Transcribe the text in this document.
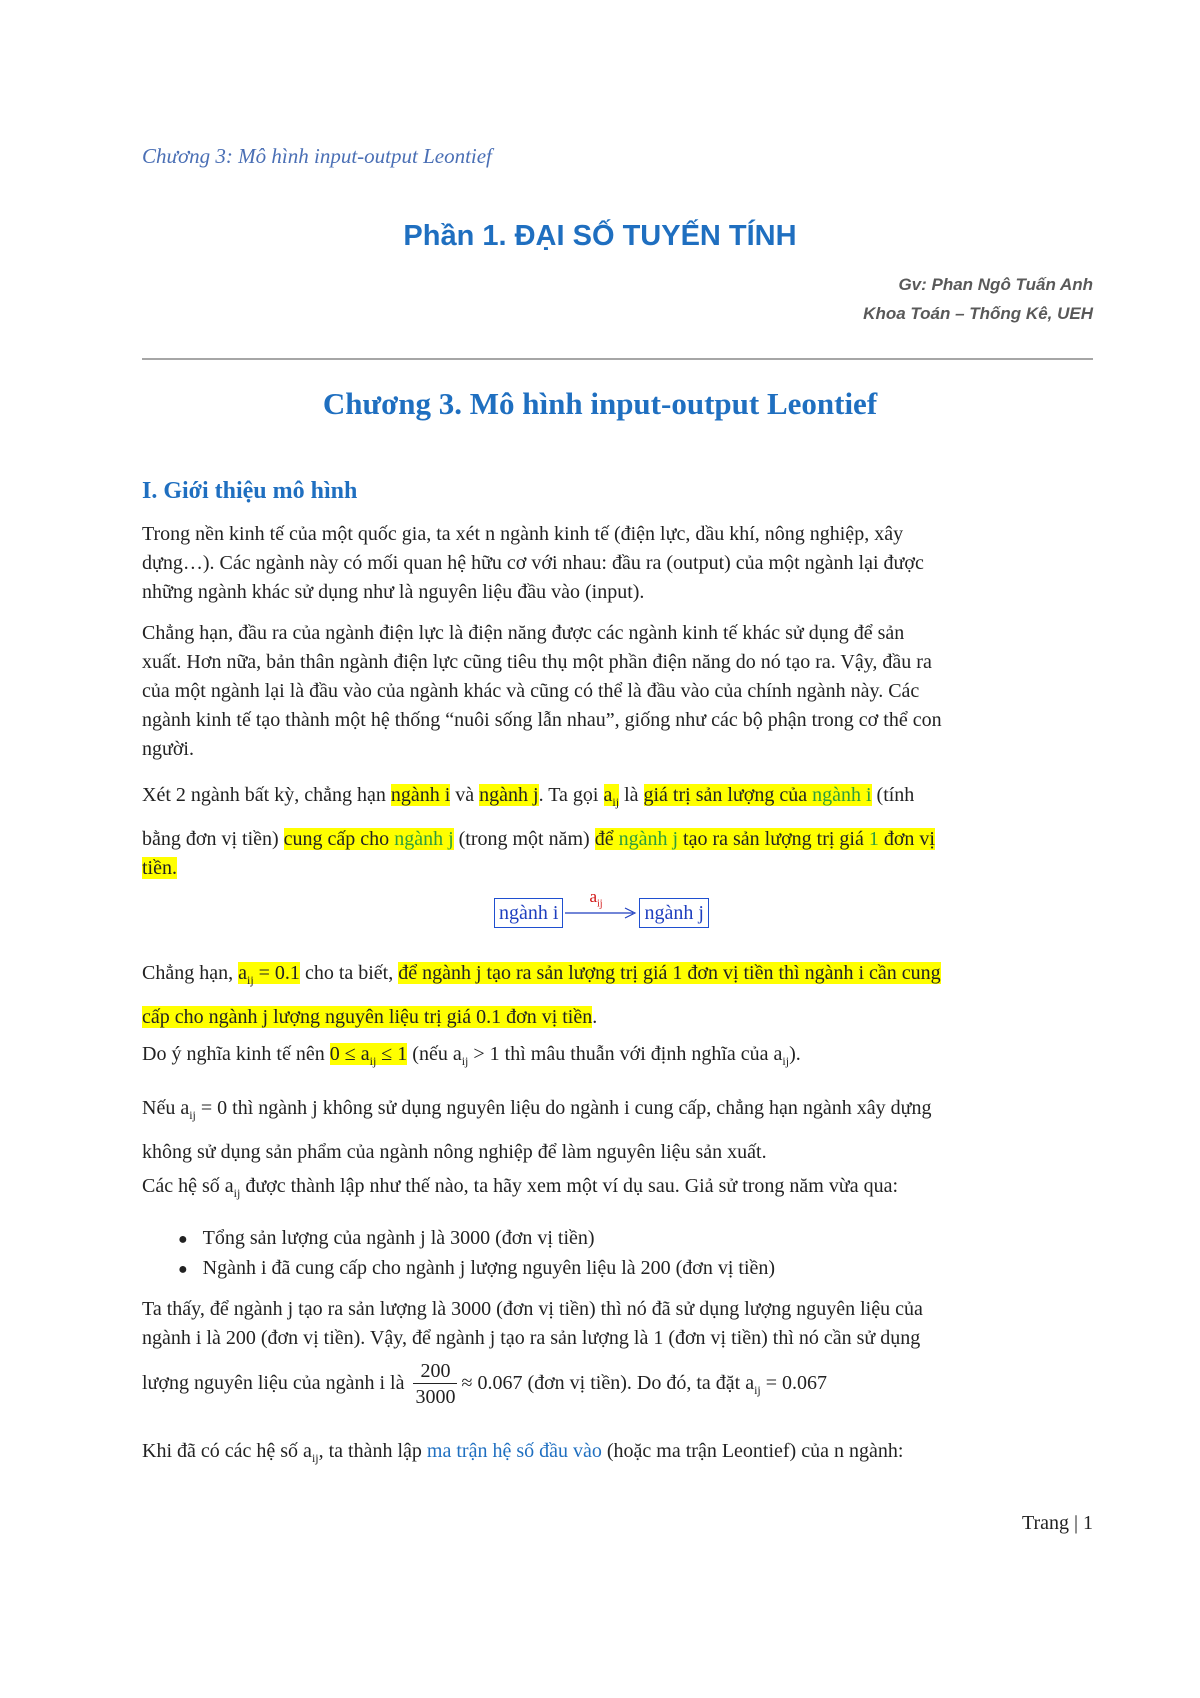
Chương 3: Mô hình input-output Leontief
Phần 1. ĐẠI SỐ TUYẾN TÍNH
Gv: Phan Ngô Tuấn Anh
Khoa Toán – Thống Kê, UEH
Chương 3. Mô hình input-output Leontief
I. Giới thiệu mô hình
Trong nền kinh tế của một quốc gia, ta xét n ngành kinh tế (điện lực, dầu khí, nông nghiệp, xây
dựng…). Các ngành này có mối quan hệ hữu cơ với nhau: đầu ra (output) của một ngành lại được
những ngành khác sử dụng như là nguyên liệu đầu vào (input).
Chẳng hạn, đầu ra của ngành điện lực là điện năng được các ngành kinh tế khác sử dụng để sản
xuất. Hơn nữa, bản thân ngành điện lực cũng tiêu thụ một phần điện năng do nó tạo ra. Vậy, đầu ra
của một ngành lại là đầu vào của ngành khác và cũng có thể là đầu vào của chính ngành này. Các
ngành kinh tế tạo thành một hệ thống “nuôi sống lẫn nhau”, giống như các bộ phận trong cơ thể con
người.
Xét 2 ngành bất kỳ, chẳng hạn ngành i và ngành j. Ta gọi $a_{ij}$ là giá trị sản lượng của ngành i (tính
bằng đơn vị tiền) cung cấp cho ngành j (trong một năm) để ngành j tạo ra sản lượng trị giá 1 đơn vị
tiền.
ngành i
$a_{ij}$ ngành j
Chẳng hạn, $a_{ij} = 0.1$ cho ta biết, để ngành j tạo ra sản lượng trị giá 1 đơn vị tiền thì ngành i cần cung
cấp cho ngành j lượng nguyên liệu trị giá 0.1 đơn vị tiền.
Do ý nghĩa kinh tế nên $0 \le a_{ij} \le 1$ (nếu $a_{ij} > 1$ thì mâu thuẫn với định nghĩa của $a_{ij}$).
Nếu $a_{ij} = 0$ thì ngành j không sử dụng nguyên liệu do ngành i cung cấp, chẳng hạn ngành xây dựng
không sử dụng sản phẩm của ngành nông nghiệp để làm nguyên liệu sản xuất.
Các hệ số $a_{ij}$ được thành lập như thế nào, ta hãy xem một ví dụ sau. Giả sử trong năm vừa qua:
● Tổng sản lượng của ngành j là 3000 (đơn vị tiền)
● Ngành i đã cung cấp cho ngành j lượng nguyên liệu là 200 (đơn vị tiền)
Ta thấy, để ngành j tạo ra sản lượng là 3000 (đơn vị tiền) thì nó đã sử dụng lượng nguyên liệu của
ngành i là 200 (đơn vị tiền). Vậy, để ngành j tạo ra sản lượng là 1 (đơn vị tiền) thì nó cần sử dụng
lượng nguyên liệu của ngành i là $\frac{200}{3000} \approx 0.067$ (đơn vị tiền). Do đó, ta đặt $a_{ij} = 0.067$
Khi đã có các hệ số $a_{ij}$, ta thành lập ma trận hệ số đầu vào (hoặc ma trận Leontief) của n ngành:
Trang | 1
